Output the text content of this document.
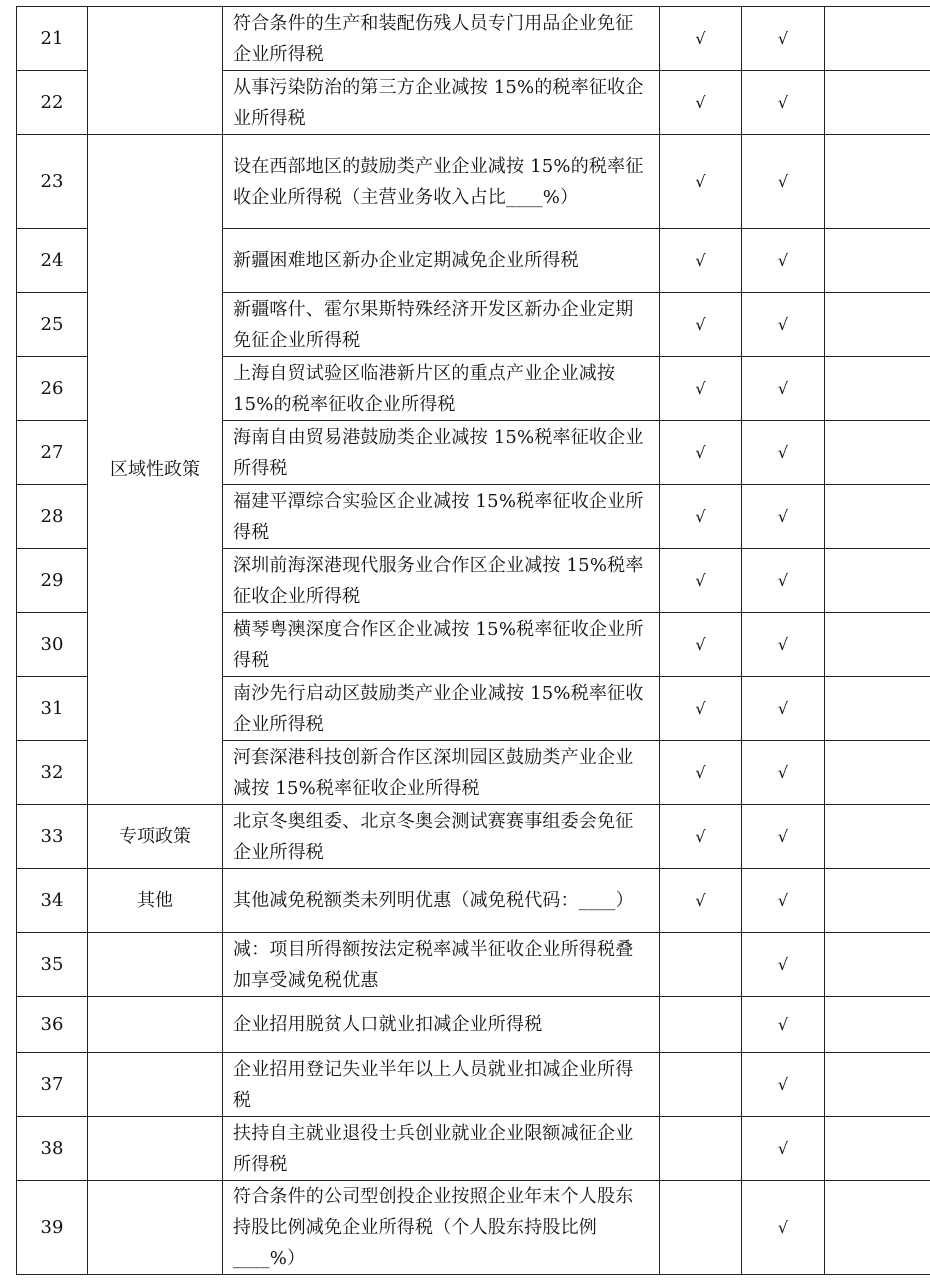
21		符合条件的生产和装配伤残人员专门用品企业免征企业所得税	√	√	
22		从事污染防治的第三方企业减按 15%的税率征收企业所得税	√	√	
23	区域性政策	设在西部地区的鼓励类产业企业减按 15%的税率征收企业所得税（主营业务收入占比____%）	√	√	
24		新疆困难地区新办企业定期减免企业所得税	√	√	
25		新疆喀什、霍尔果斯特殊经济开发区新办企业定期免征企业所得税	√	√	
26		上海自贸试验区临港新片区的重点产业企业减按 15%的税率征收企业所得税	√	√	
27		海南自由贸易港鼓励类企业减按 15%税率征收企业所得税	√	√	
28		福建平潭综合实验区企业减按 15%税率征收企业所得税	√	√	
29		深圳前海深港现代服务业合作区企业减按 15%税率征收企业所得税	√	√	
30		横琴粤澳深度合作区企业减按 15%税率征收企业所得税	√	√	
31		南沙先行启动区鼓励类产业企业减按 15%税率征收企业所得税	√	√	
32		河套深港科技创新合作区深圳园区鼓励类产业企业减按 15%税率征收企业所得税	√	√	
33	专项政策	北京冬奥组委、北京冬奥会测试赛赛事组委会免征企业所得税	√	√	
34	其他	其他减免税额类未列明优惠（减免税代码：____）	√	√	
35		减：项目所得额按法定税率减半征收企业所得税叠加享受减免税优惠		√	
36		企业招用脱贫人口就业扣减企业所得税		√	
37		企业招用登记失业半年以上人员就业扣减企业所得税		√	
38		扶持自主就业退役士兵创业就业企业限额减征企业所得税		√	
39		符合条件的公司型创投企业按照企业年末个人股东持股比例减免企业所得税（个人股东持股比例____%）		√	
